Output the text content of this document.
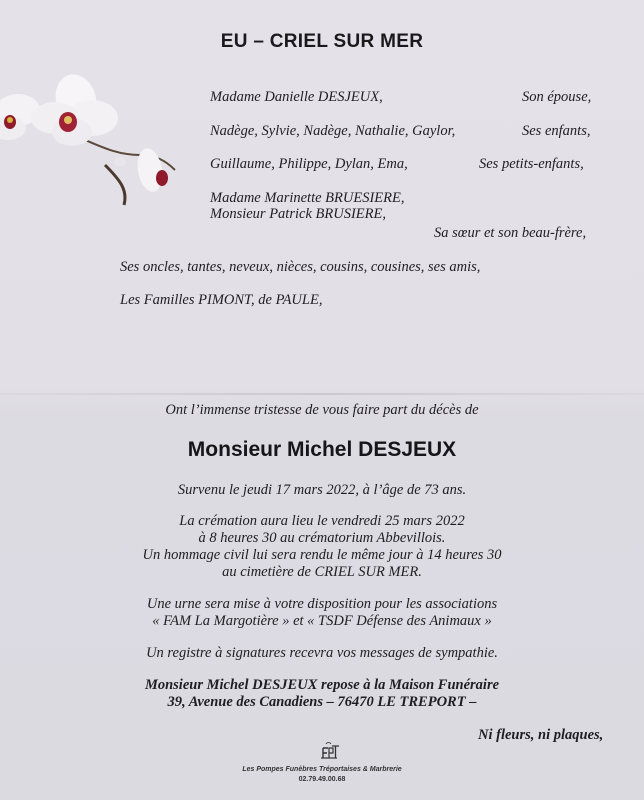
EU – CRIEL SUR MER
Madame Danielle DESJEUX,	Son épouse,
Nadège, Sylvie, Nadège, Nathalie, Gaylor,	Ses enfants,
Guillaume, Philippe, Dylan, Ema,	Ses petits-enfants,
Madame Marinette BRUESIERE,
Monsieur Patrick BRUSIERE,
Sa sœur et son beau-frère,
Ses oncles, tantes, neveux, nièces, cousins, cousines, ses amis,
Les Familles PIMONT, de PAULE,
Ont l’immense tristesse de vous faire part du décès de
Monsieur Michel DESJEUX
Survenu le jeudi 17 mars 2022, à l’âge de 73 ans.
La crémation aura lieu le vendredi 25 mars 2022
à 8 heures 30 au crématorium Abbevillois.
Un hommage civil lui sera rendu le même jour à 14 heures 30
au cimetière de CRIEL SUR MER.
Une urne sera mise à votre disposition pour les associations
« FAM La Margotière » et « TSDF Défense des Animaux »
Un registre à signatures recevra vos messages de sympathie.
Monsieur Michel DESJEUX repose à la Maison Funéraire
39, Avenue des Canadiens – 76470 LE TREPORT –
Ni fleurs, ni plaques,
Les Pompes Funèbres Tréportaises & Marbrerie
02.79.49.00.68
